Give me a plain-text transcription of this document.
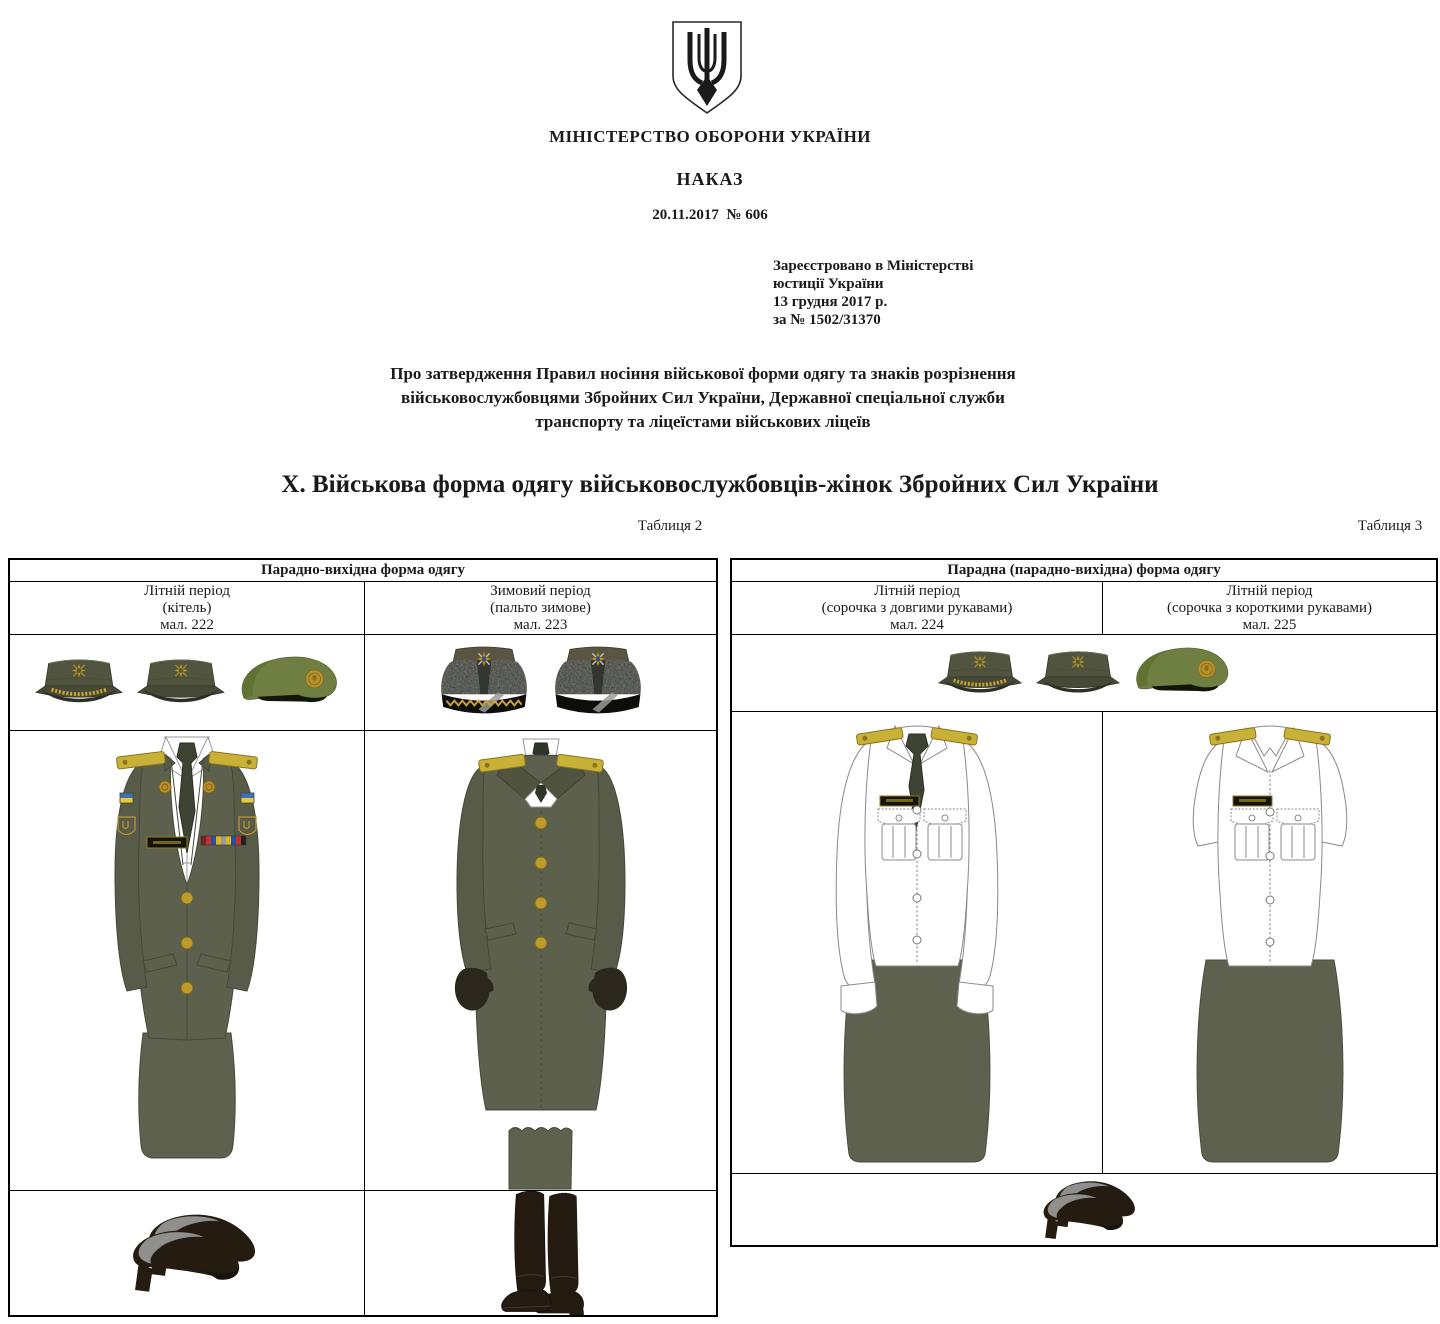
МІНІСТЕРСТВО ОБОРОНИ УКРАЇНИ
НАКАЗ
20.11.2017  № 606
Зареєстровано в Міністерстві
юстиції України
13 грудня 2017 р.
за № 1502/31370
Про затвердження Правил носіння військової форми одягу та знаків розрізнення військовослужбовцями Збройних Сил України, Державної спеціальної служби транспорту та ліцеїстами військових ліцеїв
X. Військова форма одягу військовослужбовців-жінок Збройних Сил України
Таблиця 2	Таблиця 3
Парадно-вихідна форма одягу
Літній період
(кітель)
мал. 222
Зимовий період
(пальто зимове)
мал. 223
Парадна (парадно-вихідна) форма одягу
Літній період
(сорочка з довгими рукавами)
мал. 224
Літній період
(сорочка з короткими рукавами)
мал. 225
